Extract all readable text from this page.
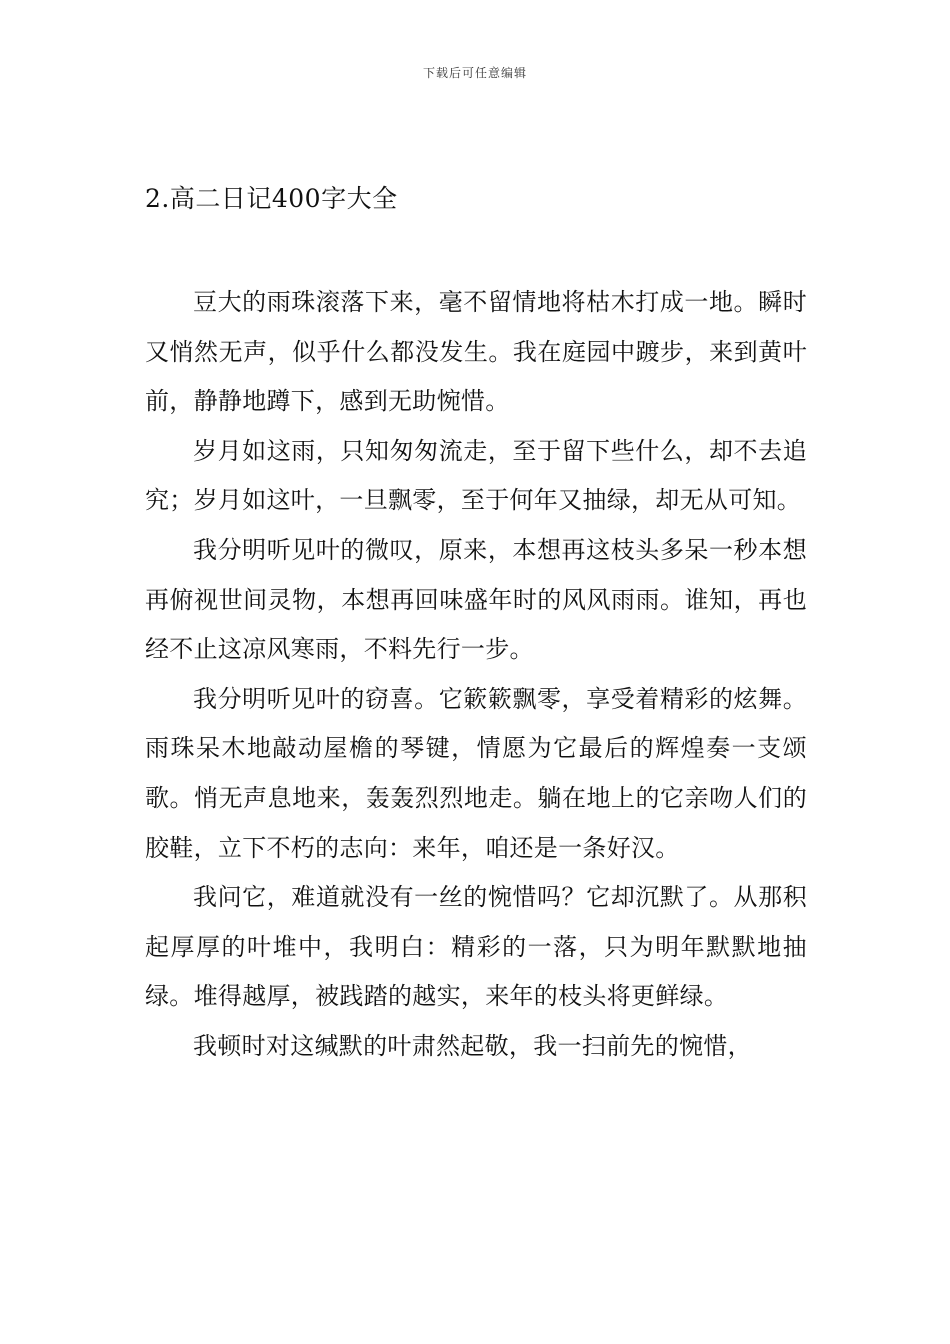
下载后可任意编辑
2.高二日记400字大全

豆大的雨珠滚落下来，毫不留情地将枯木打成一地。瞬时又悄然无声，似乎什么都没发生。我在庭园中踱步，来到黄叶前，静静地蹲下，感到无助惋惜。

岁月如这雨，只知匆匆流走，至于留下些什么，却不去追究；岁月如这叶，一旦飘零，至于何年又抽绿，却无从可知。

我分明听见叶的微叹，原来，本想再这枝头多呆一秒本想再俯视世间灵物，本想再回味盛年时的风风雨雨。谁知，再也经不止这凉风寒雨，不料先行一步。

我分明听见叶的窃喜。它簌簌飘零，享受着精彩的炫舞。雨珠呆木地敲动屋檐的琴键，情愿为它最后的辉煌奏一支颂歌。悄无声息地来，轰轰烈烈地走。躺在地上的它亲吻人们的胶鞋，立下不朽的志向：来年，咱还是一条好汉。

我问它，难道就没有一丝的惋惜吗？它却沉默了。从那积起厚厚的叶堆中，我明白：精彩的一落，只为明年默默地抽绿。堆得越厚，被践踏的越实，来年的枝头将更鲜绿。

我顿时对这缄默的叶肃然起敬，我一扫前先的惋惜，
